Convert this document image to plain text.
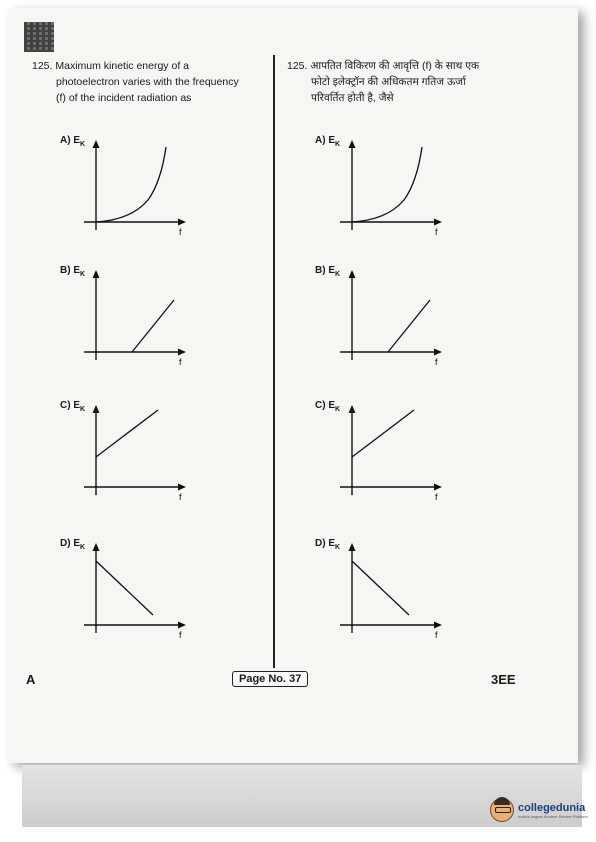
125. Maximum kinetic energy of a
photoelectron varies with the frequency
(f) of the incident radiation as
125. आपतित विकिरण की आवृत्ति (f) के साथ एक
फोटो इलेक्ट्रॉन की अधिकतम गतिज ऊर्जा
परिवर्तित होती है, जैसे
A) $E_K$
f
B) $E_K$
f
C) $E_K$
f
D) $E_K$
f
A) $E_K$
f
B) $E_K$
f
C) $E_K$
f
D) $E_K$
f
A	Page No. 37	3EE
collegedunia
India's largest Student Review Platform
